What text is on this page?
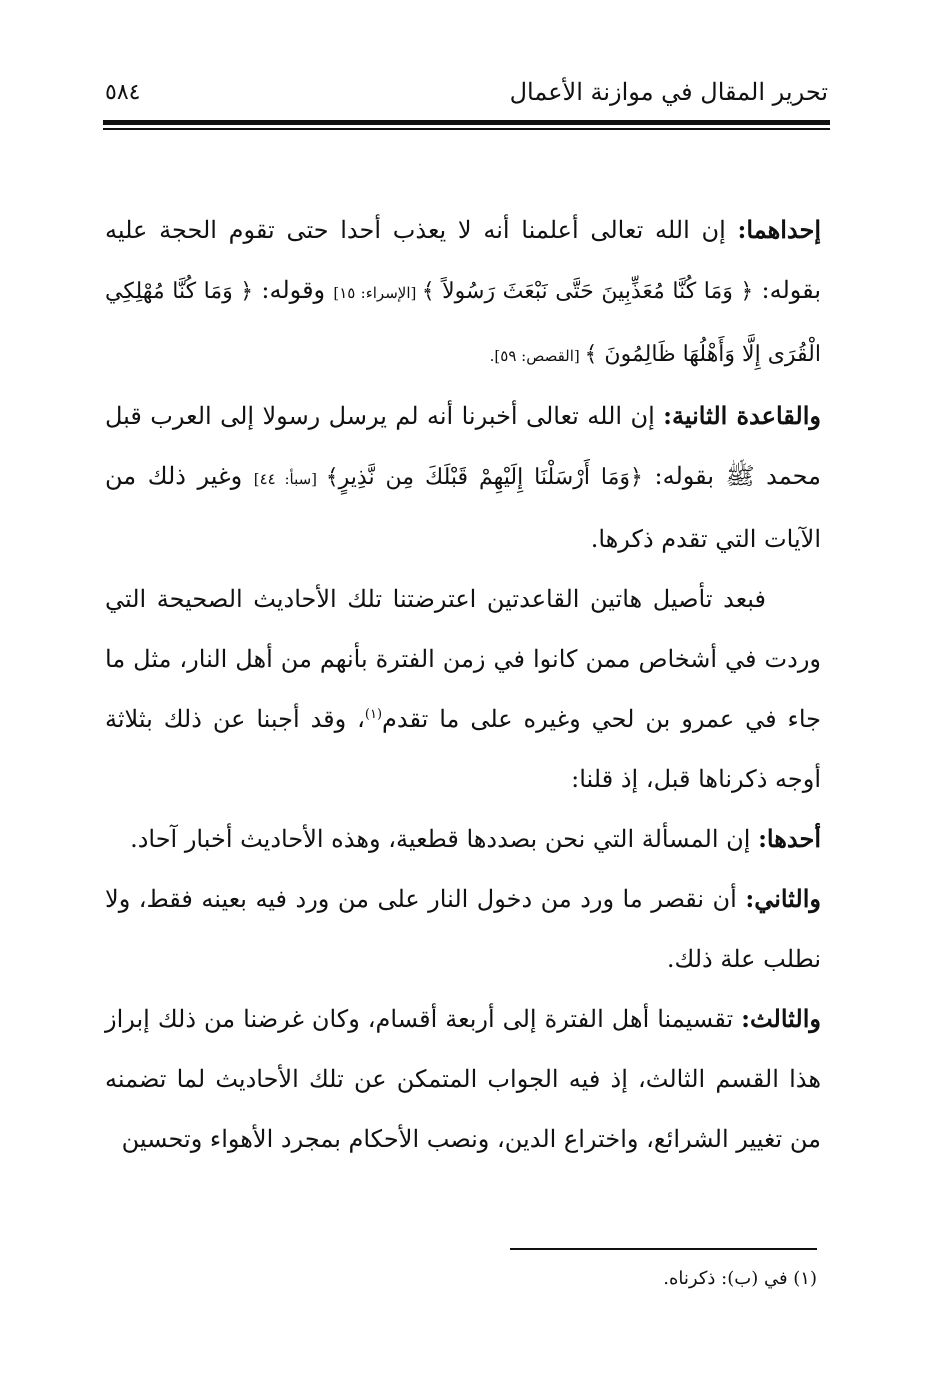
تحرير المقال في موازنة الأعمال
٥٨٤

إحداهما: إن الله تعالى أعلمنا أنه لا يعذب أحدا حتى تقوم الحجة عليه بقوله: ﴿ وَمَا كُنَّا مُعَذِّبِينَ حَتَّى نَبْعَثَ رَسُولاً ﴾ [الإسراء: ١٥] وقوله: ﴿ وَمَا كُنَّا مُهْلِكِي الْقُرَى إِلَّا وَأَهْلُهَا ظَالِمُونَ ﴾ [القصص: ٥٩].

والقاعدة الثانية: إن الله تعالى أخبرنا أنه لم يرسل رسولا إلى العرب قبل محمد ﷺ بقوله: ﴿وَمَا أَرْسَلْنَا إِلَيْهِمْ قَبْلَكَ مِن نَّذِيرٍ﴾ [سبأ: ٤٤] وغير ذلك من الآيات التي تقدم ذكرها.

فبعد تأصيل هاتين القاعدتين اعترضتنا تلك الأحاديث الصحيحة التي وردت في أشخاص ممن كانوا في زمن الفترة بأنهم من أهل النار، مثل ما جاء في عمرو بن لحي وغيره على ما تقدم$^{(١)}$، وقد أجبنا عن ذلك بثلاثة أوجه ذكرناها قبل، إذ قلنا:

أحدها: إن المسألة التي نحن بصددها قطعية، وهذه الأحاديث أخبار آحاد.

والثاني: أن نقصر ما ورد من دخول النار على من ورد فيه بعينه فقط، ولا نطلب علة ذلك.

والثالث: تقسيمنا أهل الفترة إلى أربعة أقسام، وكان غرضنا من ذلك إبراز هذا القسم الثالث، إذ فيه الجواب المتمكن عن تلك الأحاديث لما تضمنه من تغيير الشرائع، واختراع الدين، ونصب الأحكام بمجرد الأهواء وتحسين

(١) في (ب): ذكرناه.
